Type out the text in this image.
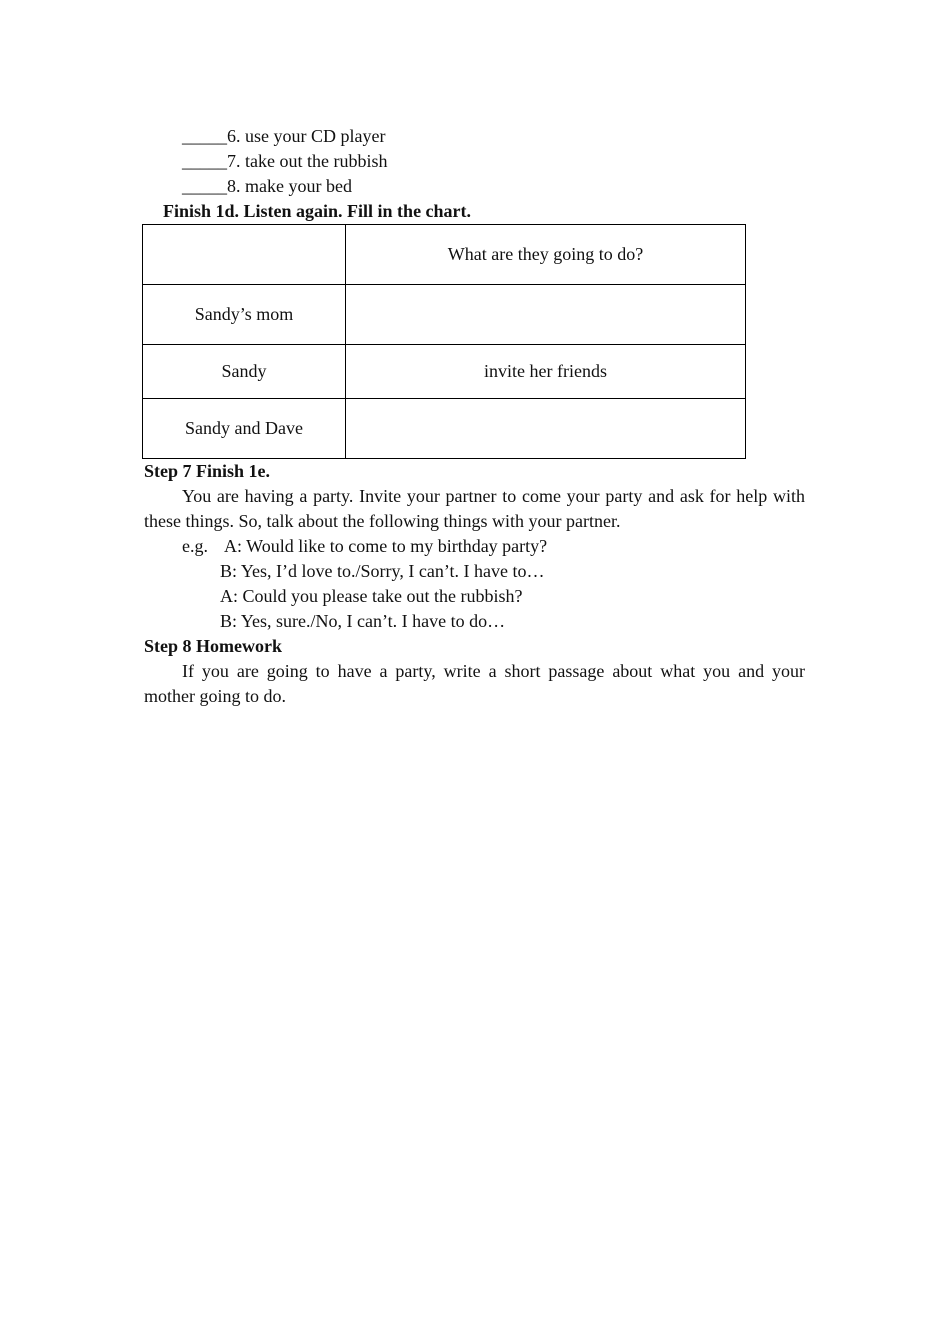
_____6. use your CD player
_____7. take out the rubbish
_____8. make your bed
Finish 1d. Listen again. Fill in the chart.
	What are they going to do?
Sandy’s mom	
Sandy	invite her friends
Sandy and Dave	
Step 7 Finish 1e.
You are having a party. Invite your partner to come your party and ask for help with these things. So, talk about the following things with your partner.
e.g. A: Would like to come to my birthday party?
B: Yes, I’d love to./Sorry, I can’t. I have to…
A: Could you please take out the rubbish?
B: Yes, sure./No, I can’t. I have to do…
Step 8 Homework
If you are going to have a party, write a short passage about what you and your mother going to do.
